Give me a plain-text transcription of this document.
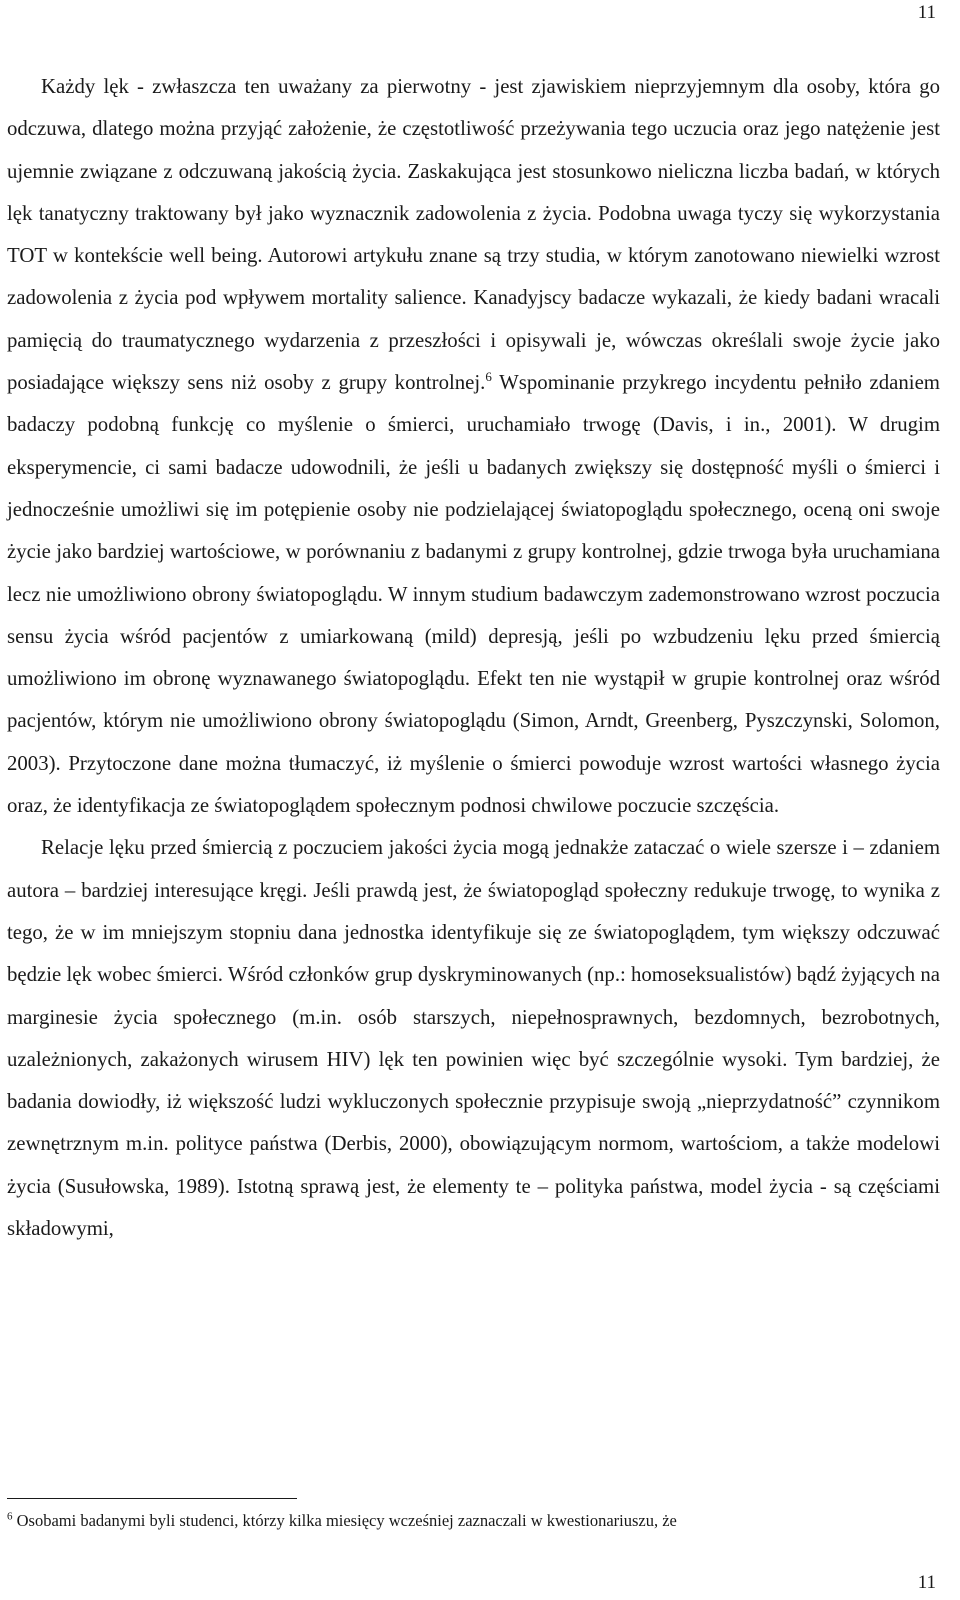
11

Każdy lęk - zwłaszcza ten uważany za pierwotny - jest zjawiskiem nieprzyjemnym dla osoby, która go odczuwa, dlatego można przyjąć założenie, że częstotliwość przeżywania tego uczucia oraz jego natężenie jest ujemnie związane z odczuwaną jakością życia. Zaskakująca jest stosunkowo nieliczna liczba badań, w których lęk tanatyczny traktowany był jako wyznacznik zadowolenia z życia. Podobna uwaga tyczy się wykorzystania TOT w kontekście well being. Autorowi artykułu znane są trzy studia, w którym zanotowano niewielki wzrost zadowolenia z życia pod wpływem mortality salience. Kanadyjscy badacze wykazali, że kiedy badani wracali pamięcią do traumatycznego wydarzenia z przeszłości i opisywali je, wówczas określali swoje życie jako posiadające większy sens niż osoby z grupy kontrolnej.$^6$ Wspominanie przykrego incydentu pełniło zdaniem badaczy podobną funkcję co myślenie o śmierci, uruchamiało trwogę (Davis, i in., 2001). W drugim eksperymencie, ci sami badacze udowodnili, że jeśli u badanych zwiększy się dostępność myśli o śmierci i jednocześnie umożliwi się im potępienie osoby nie podzielającej światopoglądu społecznego, oceną oni swoje życie jako bardziej wartościowe, w porównaniu z badanymi z grupy kontrolnej, gdzie trwoga była uruchamiana lecz nie umożliwiono obrony światopoglądu. W innym studium badawczym zademonstrowano wzrost poczucia sensu życia wśród pacjentów z umiarkowaną (mild) depresją, jeśli po wzbudzeniu lęku przed śmiercią umożliwiono im obronę wyznawanego światopoglądu. Efekt ten nie wystąpił w grupie kontrolnej oraz wśród pacjentów, którym nie umożliwiono obrony światopoglądu (Simon, Arndt, Greenberg, Pyszczynski, Solomon, 2003). Przytoczone dane można tłumaczyć, iż myślenie o śmierci powoduje wzrost wartości własnego życia oraz, że identyfikacja ze światopoglądem społecznym podnosi chwilowe poczucie szczęścia.

Relacje lęku przed śmiercią z poczuciem jakości życia mogą jednakże zataczać o wiele szersze i – zdaniem autora – bardziej interesujące kręgi. Jeśli prawdą jest, że światopogląd społeczny redukuje trwogę, to wynika z tego, że w im mniejszym stopniu dana jednostka identyfikuje się ze światopoglądem, tym większy odczuwać będzie lęk wobec śmierci. Wśród członków grup dyskryminowanych (np.: homoseksualistów) bądź żyjących na marginesie życia społecznego (m.in. osób starszych, niepełnosprawnych, bezdomnych, bezrobotnych, uzależnionych, zakażonych wirusem HIV) lęk ten powinien więc być szczególnie wysoki. Tym bardziej, że badania dowiodły, iż większość ludzi wykluczonych społecznie przypisuje swoją „nieprzydatność” czynnikom zewnętrznym m.in. polityce państwa (Derbis, 2000), obowiązującym normom, wartościom, a także modelowi życia (Susułowska, 1989). Istotną sprawą jest, że elementy te – polityka państwa, model życia - są częściami składowymi,

$^6$ Osobami badanymi byli studenci, którzy kilka miesięcy wcześniej zaznaczali w kwestionariuszu, że
11
